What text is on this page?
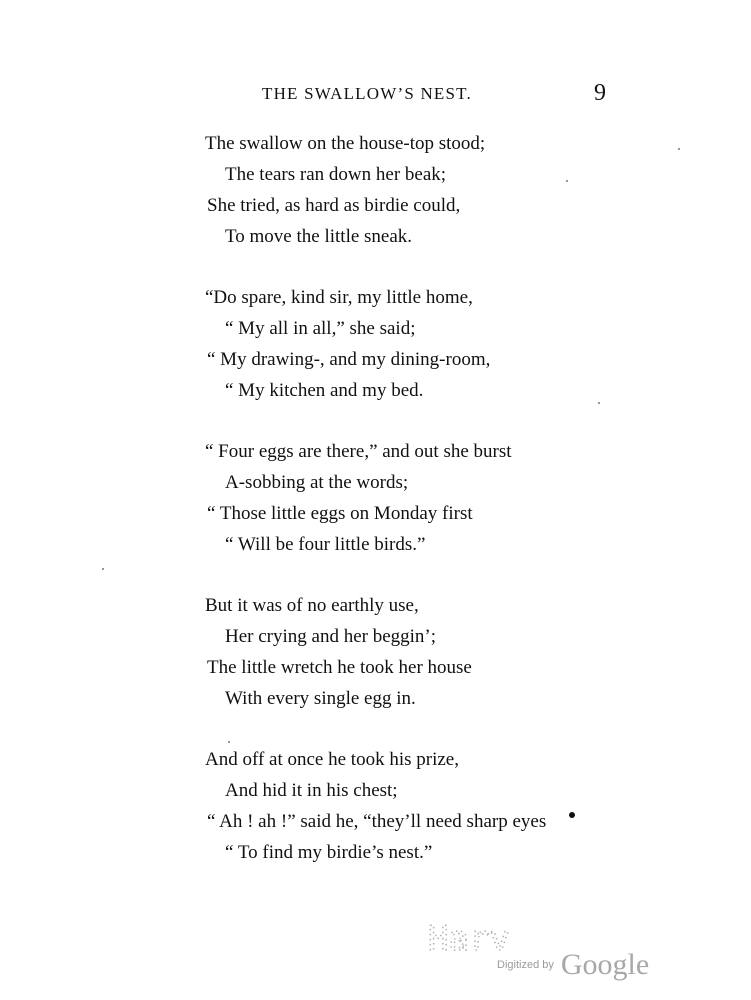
THE SWALLOW’S NEST.	9
The swallow on the house-top stood;
The tears ran down her beak;
She tried, as hard as birdie could,
To move the little sneak.
“Do spare, kind sir, my little home,
“ My all in all,” she said;
“ My drawing-, and my dining-room,
“ My kitchen and my bed.
“ Four eggs are there,” and out she burst
A-sobbing at the words;
“ Those little eggs on Monday first
“ Will be four little birds.”
But it was of no earthly use,
Her crying and her beggin’;
The little wretch he took her house
With every single egg in.
And off at once he took his prize,
And hid it in his chest;
“ Ah ! ah !” said he, “they’ll need sharp eyes
“ To find my birdie’s nest.”
Harv
Digitized by Google
